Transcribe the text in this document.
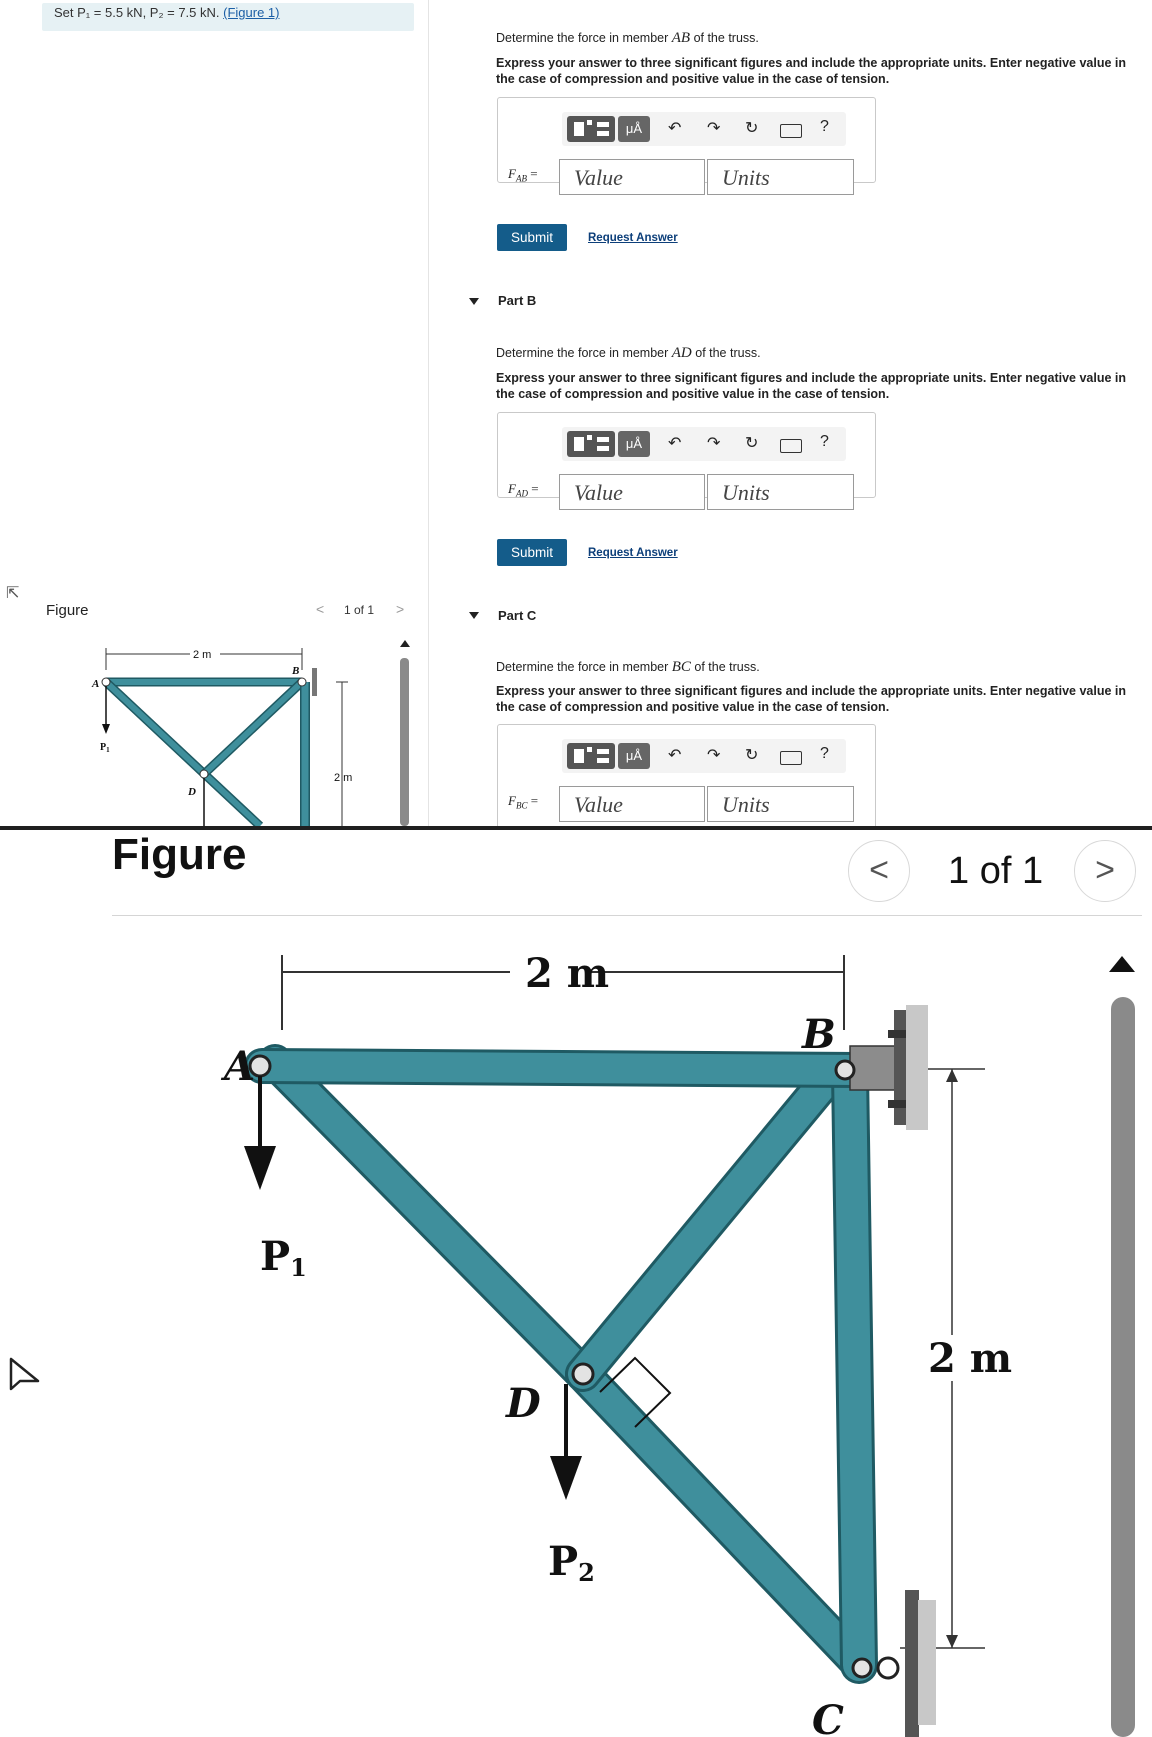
Set P₁ = 5.5 kN, P₂ = 7.5 kN. (Figure 1)
⇱
Figure	< 1 of 1 >
2 m
A
B
D
$P_1$
2 m
Determine the force in member AB of the truss.
Express your answer to three significant figures and include the appropriate units. Enter negative value in the case of compression and positive value in the case of tension.
μÅ	↶ ↷ ↻	?
$F_{AB}$ =	Value	Units
Submit	Request Answer
Part B
Determine the force in member AD of the truss.
Express your answer to three significant figures and include the appropriate units. Enter negative value in the case of compression and positive value in the case of tension.
μÅ	↶ ↷ ↻	?
$F_{AD}$ =	Value	Units
Submit	Request Answer
Part C
Determine the force in member BC of the truss.
Express your answer to three significant figures and include the appropriate units. Enter negative value in the case of compression and positive value in the case of tension.
μÅ	↶ ↷ ↻	?
$F_{BC}$ =	Value	Units
Figure	<	1 of 1	>
2 m
2 m
A
B
D
C
P1
P2
